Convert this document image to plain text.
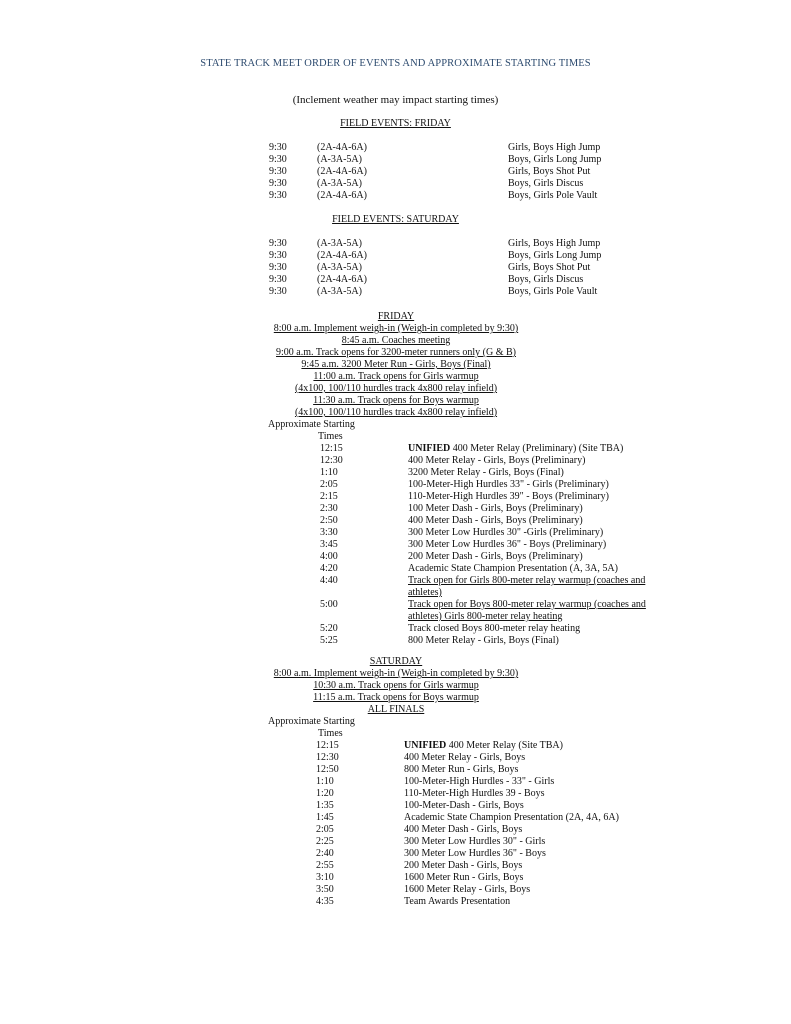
STATE TRACK MEET ORDER OF EVENTS AND APPROXIMATE STARTING TIMES
(Inclement weather may impact starting times)
FIELD EVENTS: FRIDAY
9:30	(2A-4A-6A)	Girls, Boys High Jump
9:30	(A-3A-5A)	Boys, Girls Long Jump
9:30	(2A-4A-6A)	Girls, Boys Shot Put
9:30	(A-3A-5A)	Boys, Girls Discus
9:30	(2A-4A-6A)	Boys, Girls Pole Vault
FIELD EVENTS: SATURDAY
9:30	(A-3A-5A)	Girls, Boys High Jump
9:30	(2A-4A-6A)	Boys, Girls Long Jump
9:30	(A-3A-5A)	Girls, Boys Shot Put
9:30	(2A-4A-6A)	Boys, Girls Discus
9:30	(A-3A-5A)	Boys, Girls Pole Vault
FRIDAY
8:00 a.m. Implement weigh-in (Weigh-in completed by 9:30)
8:45 a.m. Coaches meeting
9:00 a.m. Track opens for 3200-meter runners only (G & B)
9:45 a.m. 3200 Meter Run - Girls, Boys (Final)
11:00 a.m. Track opens for Girls warmup
(4x100, 100/110 hurdles track 4x800 relay infield)
11:30 a.m. Track opens for Boys warmup
(4x100, 100/110 hurdles track 4x800 relay infield)
Approximate Starting
Times
12:15	UNIFIED 400 Meter Relay (Preliminary) (Site TBA)
12:30	400 Meter Relay - Girls, Boys (Preliminary)
1:10	3200 Meter Relay - Girls, Boys (Final)
2:05	100-Meter-High Hurdles 33" - Girls (Preliminary)
2:15	110-Meter-High Hurdles 39" - Boys (Preliminary)
2:30	100 Meter Dash - Girls, Boys (Preliminary)
2:50	400 Meter Dash - Girls, Boys (Preliminary)
3:30	300 Meter Low Hurdles 30" -Girls (Preliminary)
3:45	300 Meter Low Hurdles 36" - Boys (Preliminary)
4:00	200 Meter Dash - Girls, Boys (Preliminary)
4:20	Academic State Champion Presentation (A, 3A, 5A)
4:40	Track open for Girls 800-meter relay warmup (coaches and athletes)
5:00	Track open for Boys 800-meter relay warmup (coaches and athletes) Girls 800-meter relay heating
5:20	Track closed Boys 800-meter relay heating
5:25	800 Meter Relay - Girls, Boys (Final)
SATURDAY
8:00 a.m. Implement weigh-in (Weigh-in completed by 9:30)
10:30 a.m. Track opens for Girls warmup
11:15 a.m. Track opens for Boys warmup
ALL FINALS
Approximate Starting
Times
12:15	UNIFIED 400 Meter Relay (Site TBA)
12:30	400 Meter Relay - Girls, Boys
12:50	800 Meter Run - Girls, Boys
1:10	100-Meter-High Hurdles - 33" - Girls
1:20	110-Meter-High Hurdles 39 - Boys
1:35	100-Meter-Dash - Girls, Boys
1:45	Academic State Champion Presentation (2A, 4A, 6A)
2:05	400 Meter Dash - Girls, Boys
2:25	300 Meter Low Hurdles 30" - Girls
2:40	300 Meter Low Hurdles 36" - Boys
2:55	200 Meter Dash - Girls, Boys
3:10	1600 Meter Run - Girls, Boys
3:50	1600 Meter Relay - Girls, Boys
4:35	Team Awards Presentation
